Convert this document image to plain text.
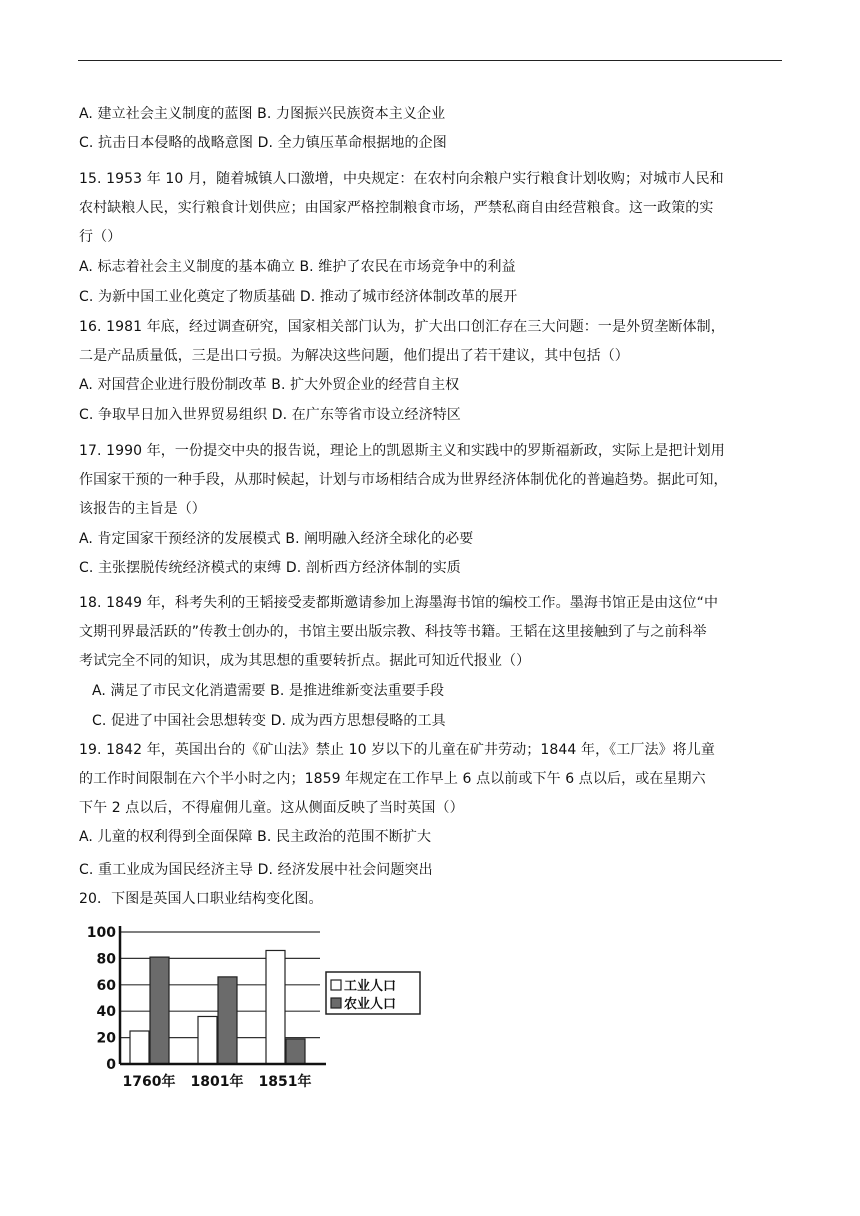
A. 建立社会主义制度的蓝图 B. 力图振兴民族资本主义企业
C. 抗击日本侵略的战略意图 D. 全力镇压革命根据地的企图
15. 1953 年 10 月，随着城镇人口激增，中央规定：在农村向余粮户实行粮食计划收购；对城市人民和
农村缺粮人民，实行粮食计划供应；由国家严格控制粮食市场，严禁私商自由经营粮食。这一政策的实
行（）
A. 标志着社会主义制度的基本确立 B. 维护了农民在市场竞争中的利益
C. 为新中国工业化奠定了物质基础 D. 推动了城市经济体制改革的展开
16. 1981 年底，经过调查研究，国家相关部门认为，扩大出口创汇存在三大问题：一是外贸垄断体制，
二是产品质量低，三是出口亏损。为解决这些问题，他们提出了若干建议，其中包括（）
A. 对国营企业进行股份制改革 B. 扩大外贸企业的经营自主权
C. 争取早日加入世界贸易组织 D. 在广东等省市设立经济特区
17. 1990 年，一份提交中央的报告说，理论上的凯恩斯主义和实践中的罗斯福新政，实际上是把计划用
作国家干预的一种手段，从那时候起，计划与市场相结合成为世界经济体制优化的普遍趋势。据此可知，
该报告的主旨是（）
A. 肯定国家干预经济的发展模式 B. 阐明融入经济全球化的必要
C. 主张摆脱传统经济模式的束缚 D. 剖析西方经济体制的实质
18. 1849 年，科考失利的王韬接受麦都斯邀请参加上海墨海书馆的编校工作。墨海书馆正是由这位“中
文期刊界最活跃的”传教士创办的，书馆主要出版宗教、科技等书籍。王韬在这里接触到了与之前科举
考试完全不同的知识，成为其思想的重要转折点。据此可知近代报业（）
A. 满足了市民文化消遣需要 B. 是推进维新变法重要手段
C. 促进了中国社会思想转变 D. 成为西方思想侵略的工具
19. 1842 年，英国出台的《矿山法》禁止 10 岁以下的儿童在矿井劳动；1844 年，《工厂法》将儿童
的工作时间限制在六个半小时之内；1859 年规定在工作早上 6 点以前或下午 6 点以后，或在星期六
下午 2 点以后，不得雇佣儿童。这从侧面反映了当时英国（）
A. 儿童的权利得到全面保障 B. 民主政治的范围不断扩大
C. 重工业成为国民经济主导 D. 经济发展中社会问题突出
20．下图是英国人口职业结构变化图。
0
20
40
60
80
100
1760年 1801年 1851年
工业人口
农业人口
